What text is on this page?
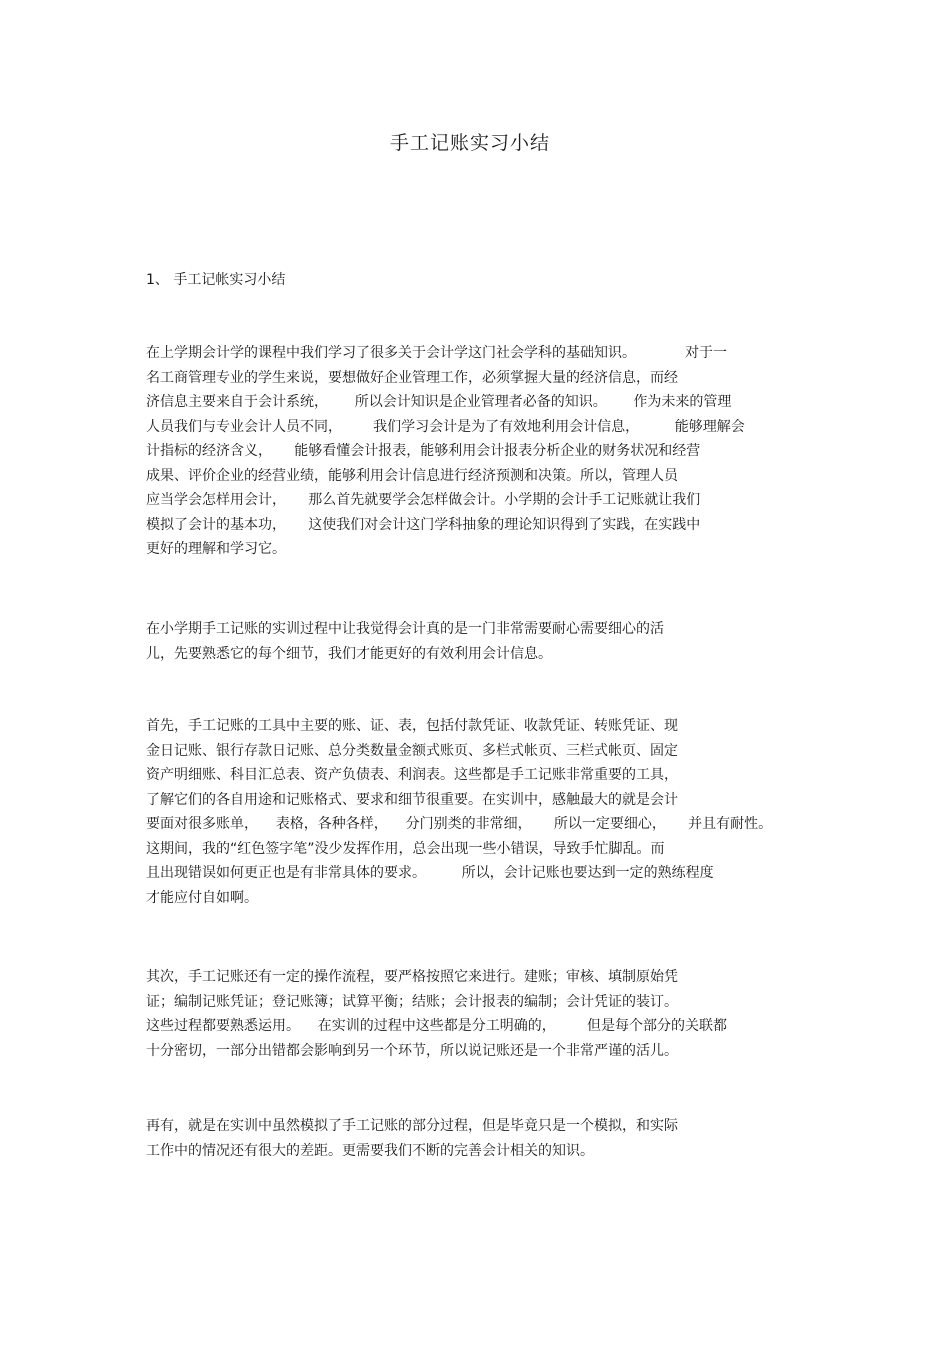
手工记账实习小结
1、 手工记帐实习小结
在上学期会计学的课程中我们学习了很多关于会计学这门社会学科的基础知识。           对于一
名工商管理专业的学生来说，要想做好企业管理工作，必须掌握大量的经济信息，而经
济信息主要来自于会计系统，      所以会计知识是企业管理者必备的知识。      作为未来的管理
人员我们与专业会计人员不同，       我们学习会计是为了有效地利用会计信息，        能够理解会
计指标的经济含义，     能够看懂会计报表，能够利用会计报表分析企业的财务状况和经营
成果、评价企业的经营业绩，能够利用会计信息进行经济预测和决策。所以，管理人员
应当学会怎样用会计，     那么首先就要学会怎样做会计。小学期的会计手工记账就让我们
模拟了会计的基本功，     这使我们对会计这门学科抽象的理论知识得到了实践，在实践中
更好的理解和学习它。
在小学期手工记账的实训过程中让我觉得会计真的是一门非常需要耐心需要细心的活
儿，先要熟悉它的每个细节，我们才能更好的有效利用会计信息。
首先，手工记账的工具中主要的账、证、表，包括付款凭证、收款凭证、转账凭证、现
金日记账、银行存款日记账、总分类数量金额式账页、多栏式帐页、三栏式帐页、固定
资产明细账、科目汇总表、资产负债表、利润表。这些都是手工记账非常重要的工具，
了解它们的各自用途和记账格式、要求和细节很重要。在实训中，感触最大的就是会计
要面对很多账单，    表格，各种各样，    分门别类的非常细，     所以一定要细心，     并且有耐性。
这期间，我的“红色签字笔”没少发挥作用，总会出现一些小错误，导致手忙脚乱。而
且出现错误如何更正也是有非常具体的要求。        所以，会计记账也要达到一定的熟练程度
才能应付自如啊。
其次，手工记账还有一定的操作流程，要严格按照它来进行。建账；审核、填制原始凭
证；编制记账凭证；登记账簿；试算平衡；结账；会计报表的编制；会计凭证的装订。
这些过程都要熟悉运用。    在实训的过程中这些都是分工明确的，       但是每个部分的关联都
十分密切，一部分出错都会影响到另一个环节，所以说记账还是一个非常严谨的活儿。
再有，就是在实训中虽然模拟了手工记账的部分过程，但是毕竟只是一个模拟，和实际
工作中的情况还有很大的差距。更需要我们不断的完善会计相关的知识。
